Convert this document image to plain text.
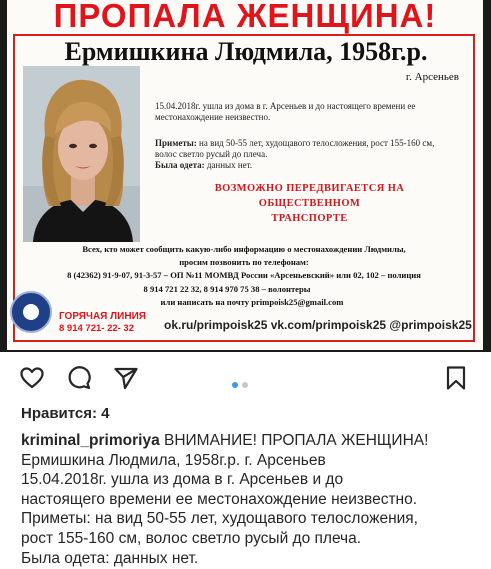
ПРОПАЛА ЖЕНЩИНА!
Ермишкина Людмила, 1958г.р.
г. Арсеньев
15.04.2018г. ушла из дома в г. Арсеньев и до настоящего времени ее
местонахождение неизвестно.
Приметы: на вид 50-55 лет, худощавого телосложения, рост 155-160 см,
волос светло русый до плеча.
Была одета: данных нет.
ВОЗМОЖНО ПЕРЕДВИГАЕТСЯ НА ОБЩЕСТВЕННОМ
ТРАНСПОРТЕ
Всех, кто может сообщить какую-либо информацию о местонахождении Людмилы,
просим позвонить по телефонам:
8 (42362) 91-9-07, 91-3-57 – ОП №11 МОМВД России «Арсеньевский» или 02, 102 – полиция
8 914 721 22 32, 8 914 970 75 38 – волонтеры
или написать на почту primpoisk25@gmail.com
ГОРЯЧАЯ ЛИНИЯ
8 914 721- 22- 32 ok.ru/primpoisk25 vk.com/primpoisk25 @primpoisk25
Нравится: 4
kriminal_primoriya ВНИМАНИЕ! ПРОПАЛА ЖЕНЩИНА!
Ермишкина Людмила, 1958г.р. г. Арсеньев
15.04.2018г. ушла из дома в г. Арсеньев и до
настоящего времени ее местонахождение неизвестно.
Приметы: на вид 50-55 лет, худощавого телосложения,
рост 155-160 см, волос светло русый до плеча.
Была одета: данных нет.
